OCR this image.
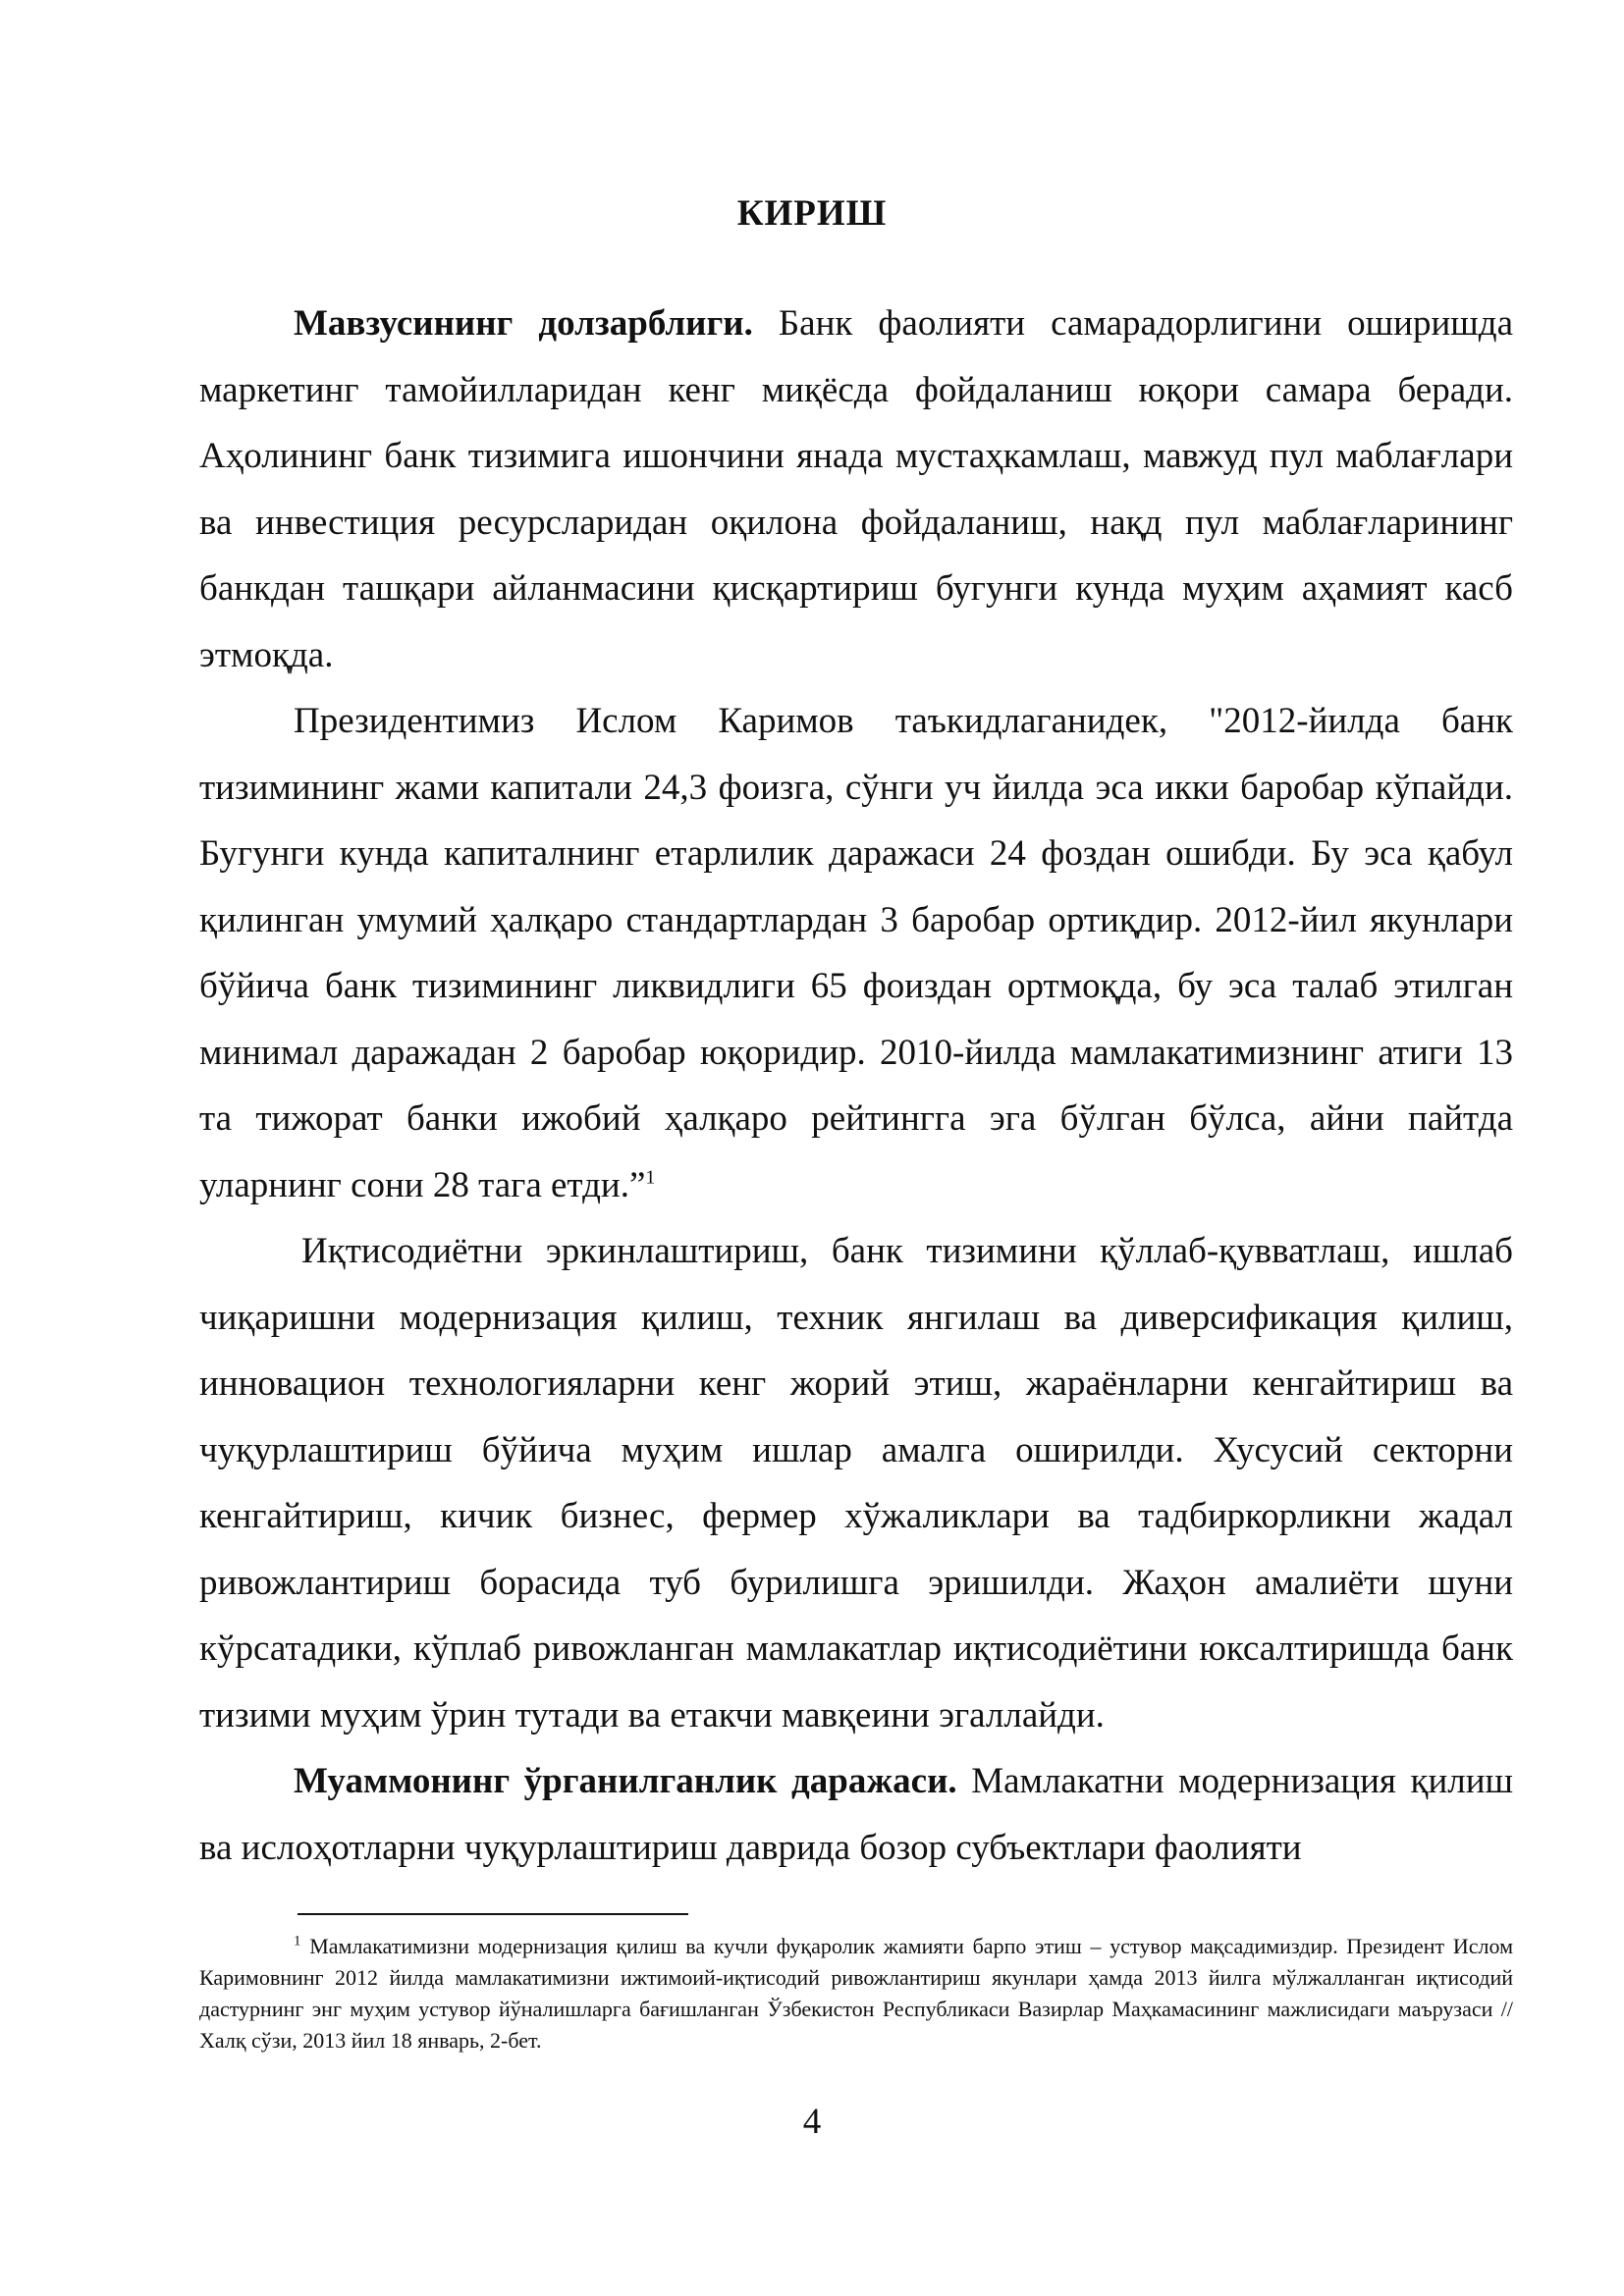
КИРИШ

Мавзусининг долзарблиги. Банк фаолияти самарадорлигини оширишда маркетинг тамойилларидан кенг миқёсда фойдаланиш юқори самара беради. Аҳолининг банк тизимига ишончини янада мустаҳкамлаш, мавжуд пул маблағлари ва инвестиция ресурсларидан оқилона фойдаланиш, нақд пул маблағларининг банкдан ташқари айланмасини қисқартириш бугунги кунда муҳим аҳамият касб этмоқда.

Президентимиз Ислом Каримов таъкидлаганидек, "2012-йилда банк тизимининг жами капитали 24,3 фоизга, сўнги уч йилда эса икки баробар кўпайди. Бугунги кунда капиталнинг етарлилик даражаси 24 фоздан ошибди. Бу эса қабул қилинган умумий ҳалқаро стандартлардан 3 баробар ортиқдир. 2012-йил якунлари бўйича банк тизимининг ликвидлиги 65 фоиздан ортмоқда, бу эса талаб этилган минимал даражадан 2 баробар юқоридир. 2010-йилда мамлакатимизнинг атиги 13 та тижорат банки ижобий ҳалқаро рейтингга эга бўлган бўлса, айни пайтда уларнинг сони 28 тага етди.”$^1$

Иқтисодиётни эркинлаштириш, банк тизимини қўллаб-қувватлаш, ишлаб чиқаришни модернизация қилиш, техник янгилаш ва диверсификация қилиш, инновацион технологияларни кенг жорий этиш, жараёнларни кенгайтириш ва чуқурлаштириш бўйича муҳим ишлар амалга оширилди. Хусусий секторни кенгайтириш, кичик бизнес, фермер хўжаликлари ва тадбиркорликни жадал ривожлантириш борасида туб бурилишга эришилди. Жаҳон амалиёти шуни кўрсатадики, кўплаб ривожланган мамлакатлар иқтисодиётини юксалтиришда банк тизими муҳим ўрин тутади ва етакчи мавқеини эгаллайди.

Муаммонинг ўрганилганлик даражаси. Мамлакатни модернизация қилиш ва ислоҳотларни чуқурлаштириш даврида бозор субъектлари фаолияти

$^1$ Мамлакатимизни модернизация қилиш ва кучли фуқаролик жамияти барпо этиш – устувор мақсадимиздир. Президент Ислом Каримовнинг 2012 йилда мамлакатимизни ижтимоий-иқтисодий ривожлантириш якунлари ҳамда 2013 йилга мўлжалланган иқтисодий дастурнинг энг муҳим устувор йўналишларга бағишланган Ўзбекистон Республикаси Вазирлар Маҳкамасининг мажлисидаги маърузаси // Халқ сўзи, 2013 йил 18 январь, 2-бет.

4
